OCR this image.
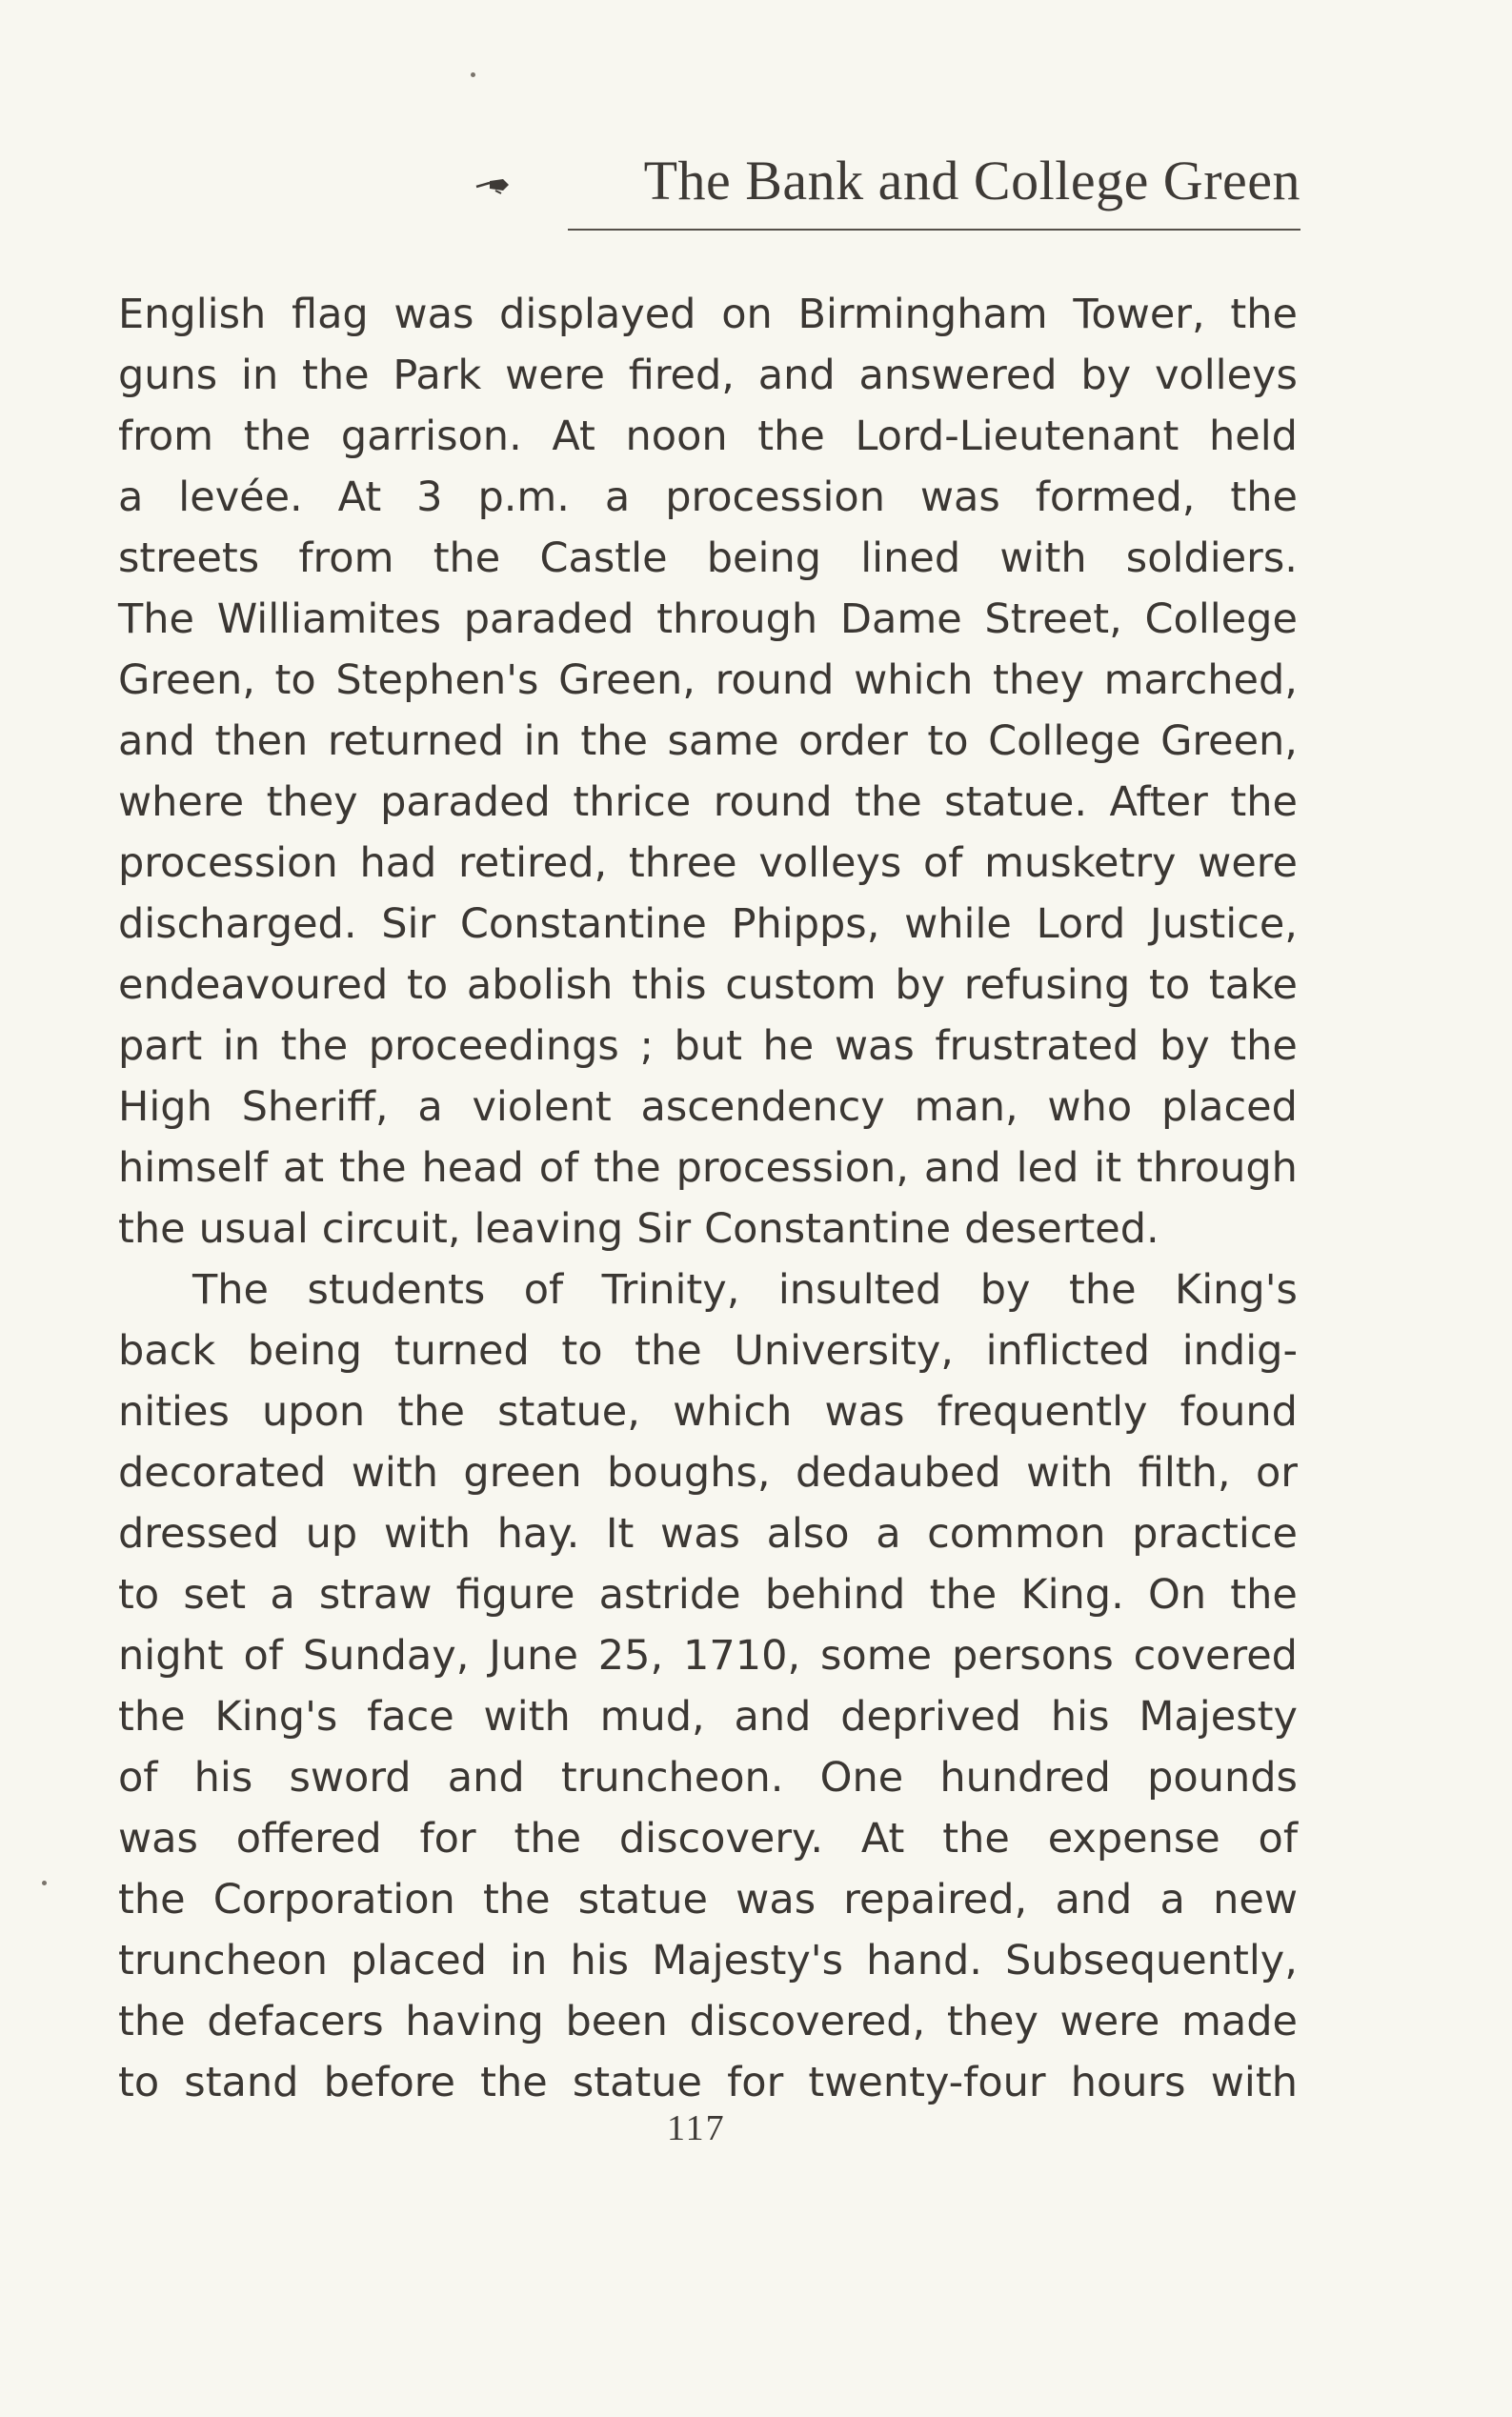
The Bank and College Green
English flag was displayed on Birmingham Tower, the
guns in the Park were fired, and answered by volleys
from the garrison. At noon the Lord-Lieutenant held
a levée. At 3 p.m. a procession was formed, the
streets from the Castle being lined with soldiers.
The Williamites paraded through Dame Street, College
Green, to Stephen's Green, round which they marched,
and then returned in the same order to College Green,
where they paraded thrice round the statue. After the
procession had retired, three volleys of musketry were
discharged. Sir Constantine Phipps, while Lord Justice,
endeavoured to abolish this custom by refusing to take
part in the proceedings ; but he was frustrated by the
High Sheriff, a violent ascendency man, who placed
himself at the head of the procession, and led it through
the usual circuit, leaving Sir Constantine deserted.
The students of Trinity, insulted by the King's
back being turned to the University, inflicted indig-
nities upon the statue, which was frequently found
decorated with green boughs, dedaubed with filth, or
dressed up with hay. It was also a common practice
to set a straw figure astride behind the King. On the
night of Sunday, June 25, 1710, some persons covered
the King's face with mud, and deprived his Majesty
of his sword and truncheon. One hundred pounds
was offered for the discovery. At the expense of
the Corporation the statue was repaired, and a new
truncheon placed in his Majesty's hand. Subsequently,
the defacers having been discovered, they were made
to stand before the statue for twenty-four hours with
117
